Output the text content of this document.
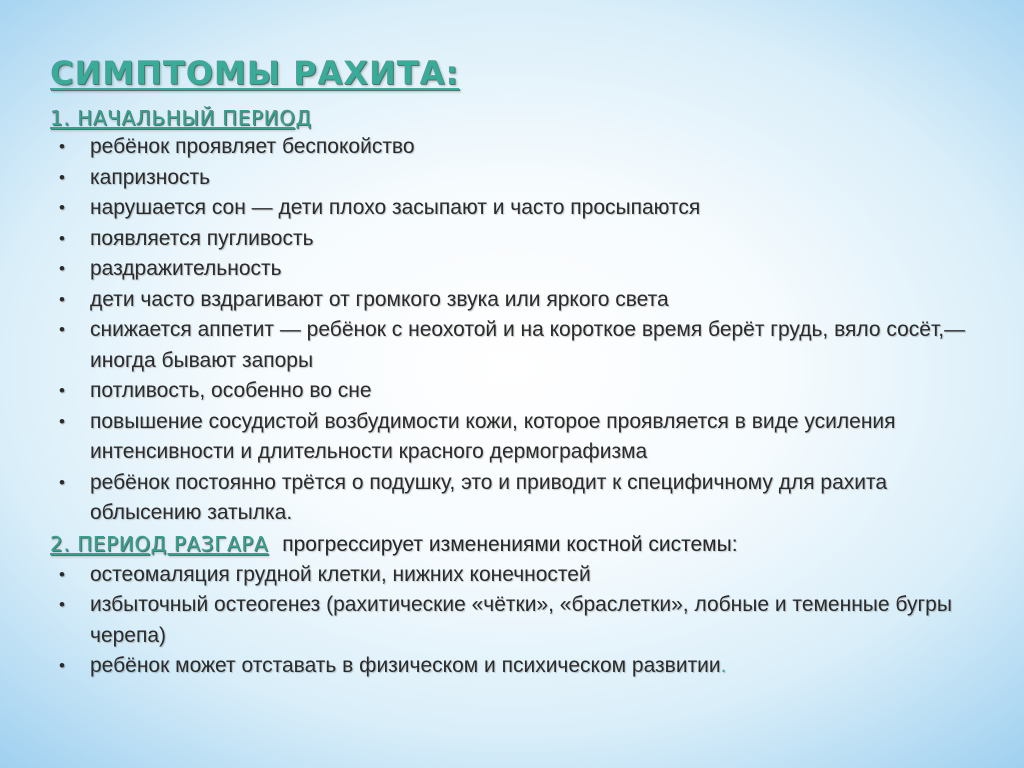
СИМПТОМЫ РАХИТА:
1. НАЧАЛЬНЫЙ ПЕРИОД
•	ребёнок проявляет беспокойство
•	капризность
•	нарушается сон — дети плохо засыпают и часто просыпаются
•	появляется пугливость
•	раздражительность
•	дети часто вздрагивают от громкого звука или яркого света
•	снижается аппетит — ребёнок с неохотой и на короткое время берёт грудь, вяло сосёт,— иногда бывают запоры
•	потливость, особенно во сне
•	повышение сосудистой возбудимости кожи, которое проявляется в виде усиления интенсивности и длительности красного дермографизма
•	ребёнок постоянно трётся о подушку, это и приводит к специфичному для рахита облысению затылка.
2. ПЕРИОД РАЗГАРА прогрессирует изменениями костной системы:
•	остеомаляция грудной клетки, нижних конечностей
•	избыточный остеогенез (рахитические «чётки», «браслетки», лобные и теменные бугры черепа)
•	ребёнок может отставать в физическом и психическом развитии.
